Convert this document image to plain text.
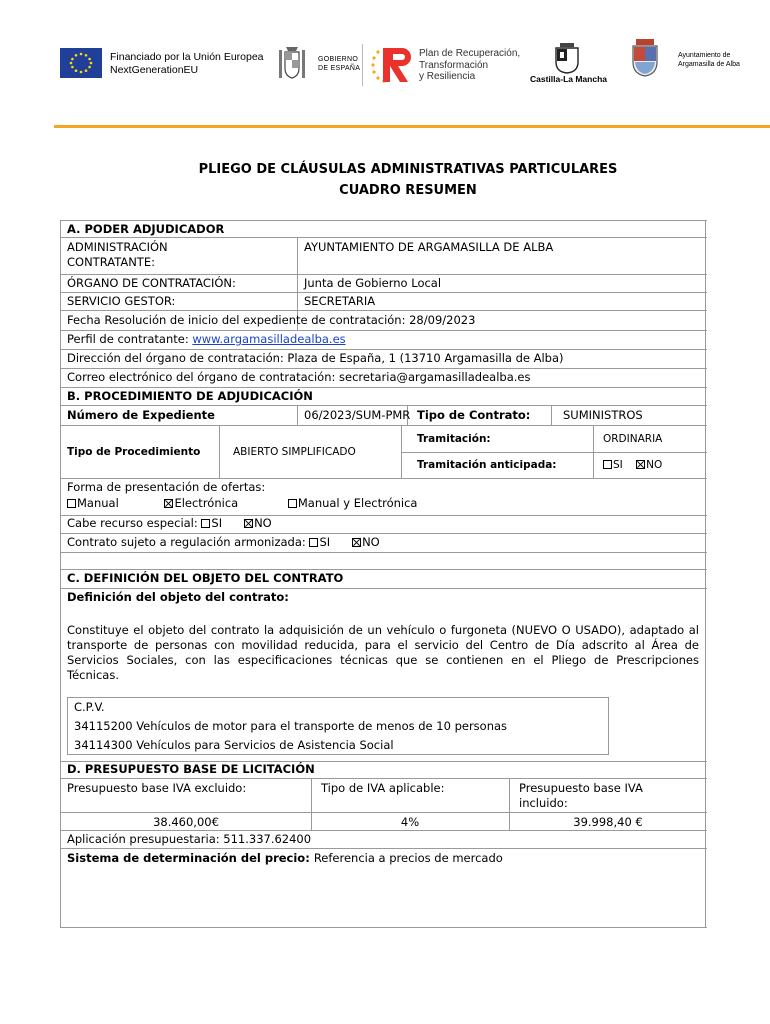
Financiado por la Unión Europea
NextGenerationEU
GOBIERNO
DE ESPAÑA
Plan de Recuperación,
Transformación
y Resiliencia	Castilla-La Mancha
Ayuntamiento de
Argamasilla de Alba
PLIEGO DE CLÁUSULAS ADMINISTRATIVAS PARTICULARES
CUADRO RESUMEN
A. PODER ADJUDICADOR
ADMINISTRACIÓN
CONTRATANTE:
AYUNTAMIENTO DE ARGAMASILLA DE ALBA
ÓRGANO DE CONTRATACIÓN:	Junta de Gobierno Local
SERVICIO GESTOR:	SECRETARIA
Fecha Resolución de inicio del expediente de contratación: 28/09/2023
Perfil de contratante: www.argamasilladealba.es
Dirección del órgano de contratación: Plaza de España, 1 (13710 Argamasilla de Alba)
Correo electrónico del órgano de contratación: secretaria@argamasilladealba.es
B. PROCEDIMIENTO DE ADJUDICACIÓN
Número de Expediente	06/2023/SUM-PMR Tipo de Contrato:	SUMINISTROS
Tipo de Procedimiento	ABIERTO SIMPLIFICADO
Tramitación:	ORDINARIA
Tramitación anticipada:	SI NO
Forma de presentación de ofertas:
Manual	Electrónica	Manual y Electrónica
Cabe recurso especial: SI	NO
Contrato sujeto a regulación armonizada: SI	NO
C. DEFINICIÓN DEL OBJETO DEL CONTRATO
Definición del objeto del contrato:
Constituye el objeto del contrato la adquisición de un vehículo o furgoneta (NUEVO O USADO), adaptado al transporte de personas con movilidad reducida, para el servicio del Centro de Día adscrito al Área de Servicios Sociales, con las especificaciones técnicas que se contienen en el Pliego de Prescripciones Técnicas.
C.P.V.
34115200 Vehículos de motor para el transporte de menos de 10 personas
34114300 Vehículos para Servicios de Asistencia Social
D. PRESUPUESTO BASE DE LICITACIÓN
Presupuesto base IVA excluido:	Tipo de IVA aplicable:	Presupuesto base IVA
incluido:
38.460,00€	4%	39.998,40 €
Aplicación presupuestaria: 511.337.62400
Sistema de determinación del precio: Referencia a precios de mercado
